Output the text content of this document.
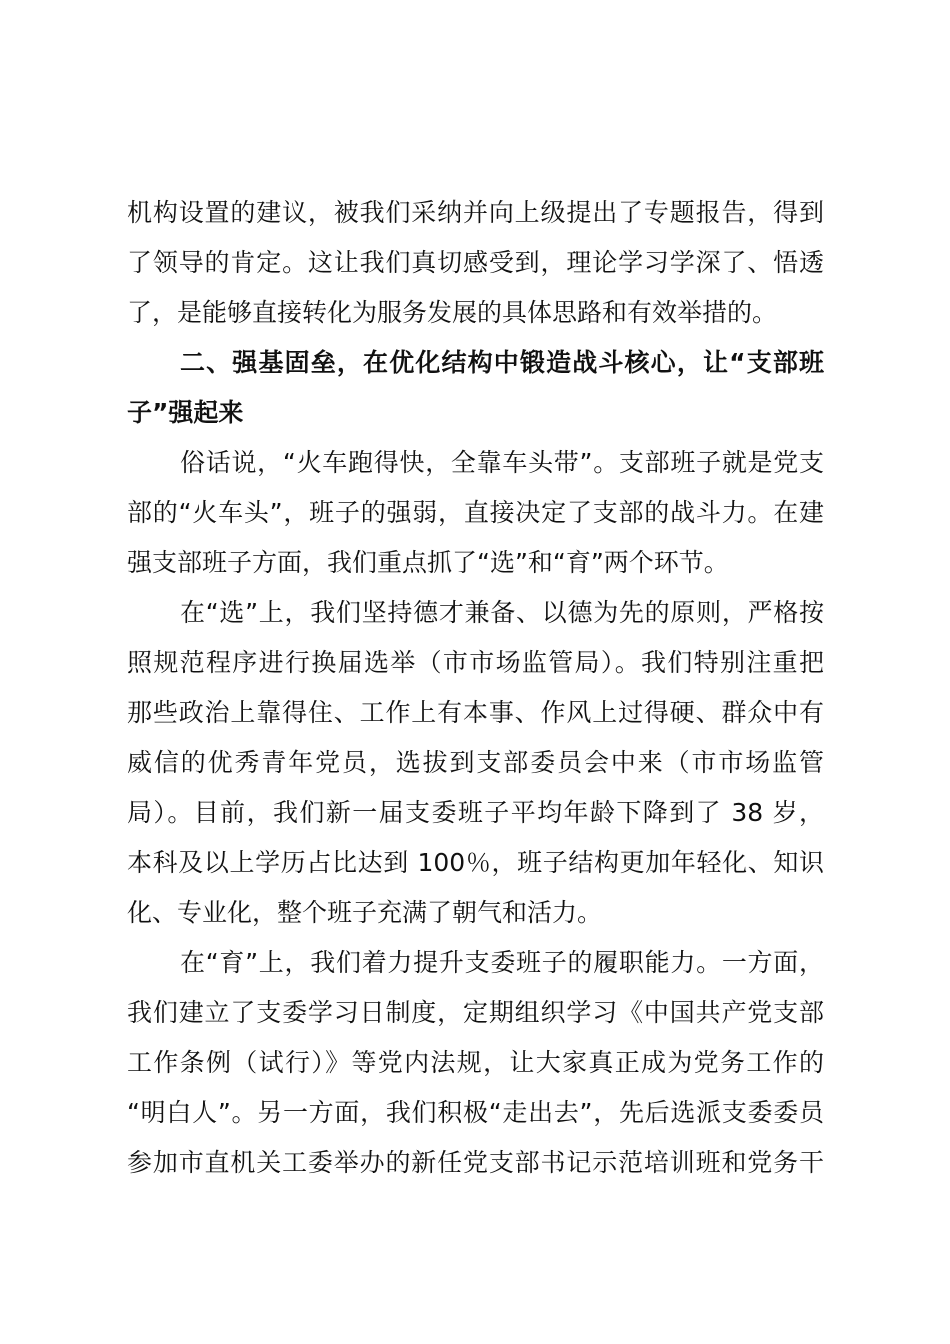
机构设置的建议，被我们采纳并向上级提出了专题报告，得到
了领导的肯定。这让我们真切感受到，理论学习学深了、悟透
了，是能够直接转化为服务发展的具体思路和有效举措的。
二、强基固垒，在优化结构中锻造战斗核心，让“支部班
子”强起来
俗话说，“火车跑得快，全靠车头带”。支部班子就是党支
部的“火车头”，班子的强弱，直接决定了支部的战斗力。在建
强支部班子方面，我们重点抓了“选”和“育”两个环节。
在“选”上，我们坚持德才兼备、以德为先的原则，严格按
照规范程序进行换届选举（市市场监管局）。我们特别注重把
那些政治上靠得住、工作上有本事、作风上过得硬、群众中有
威信的优秀青年党员，选拔到支部委员会中来（市市场监管
局）。目前，我们新一届支委班子平均年龄下降到了 38 岁，
本科及以上学历占比达到 100％，班子结构更加年轻化、知识
化、专业化，整个班子充满了朝气和活力。
在“育”上，我们着力提升支委班子的履职能力。一方面，
我们建立了支委学习日制度，定期组织学习《中国共产党支部
工作条例（试行）》等党内法规，让大家真正成为党务工作的
“明白人”。另一方面，我们积极“走出去”，先后选派支委委员
参加市直机关工委举办的新任党支部书记示范培训班和党务干
